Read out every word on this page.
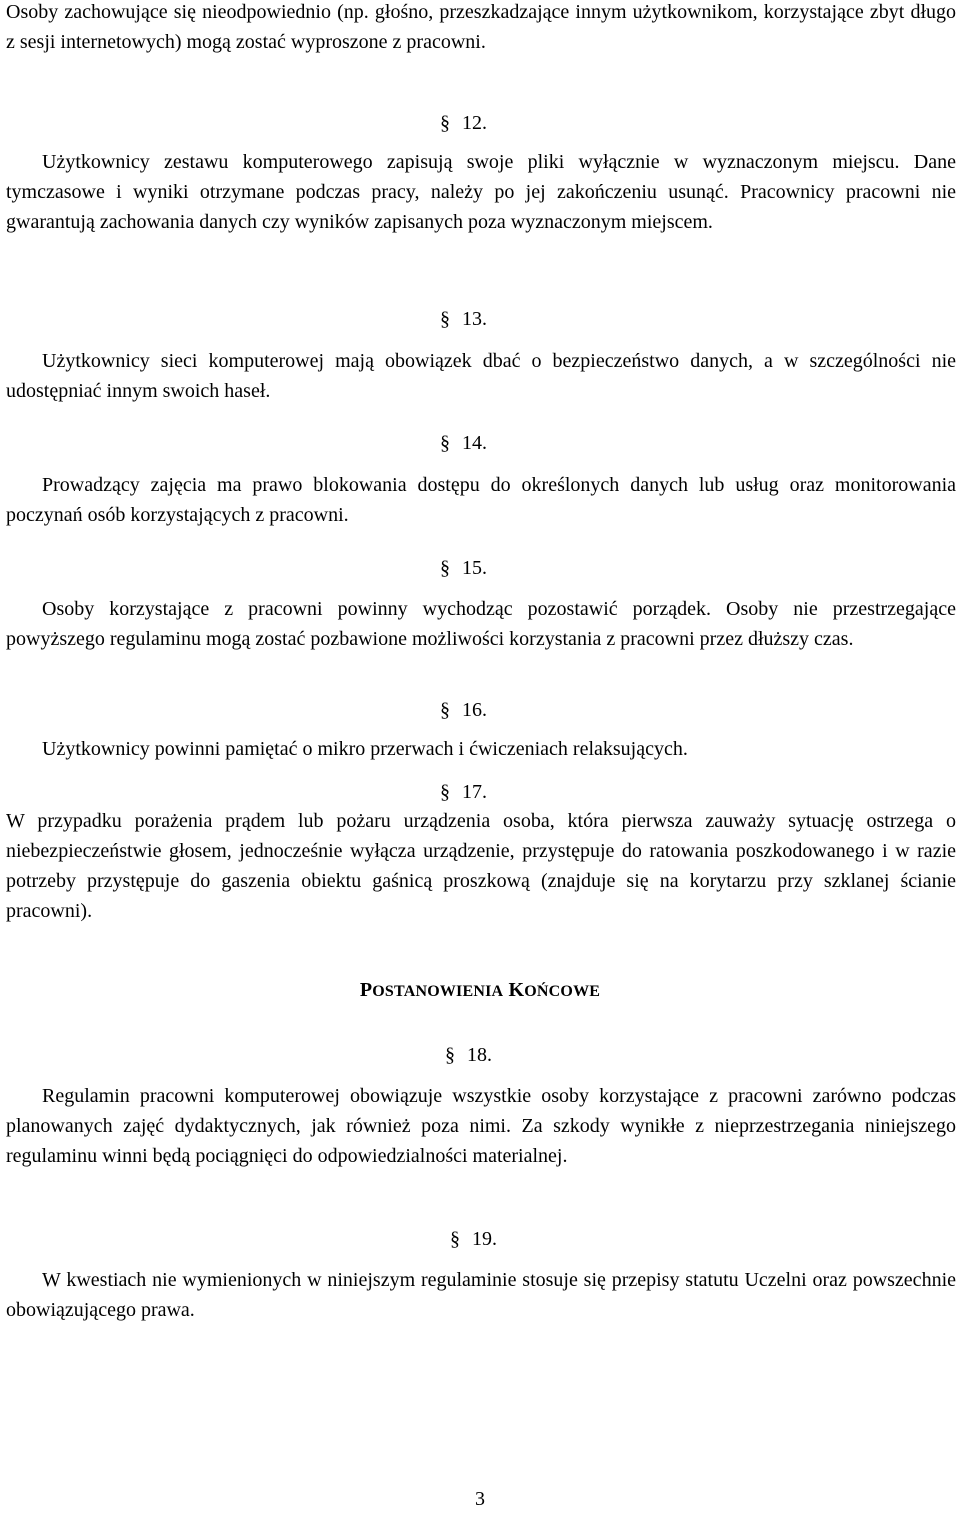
Osoby zachowujące się nieodpowiednio (np. głośno, przeszkadzające innym użytkownikom, korzystające zbyt długo z sesji internetowych) mogą zostać wyproszone z pracowni.

§ 12.

Użytkownicy zestawu komputerowego zapisują swoje pliki wyłącznie w wyznaczonym miejscu. Dane tymczasowe i wyniki otrzymane podczas pracy, należy po jej zakończeniu usunąć. Pracownicy pracowni nie gwarantują zachowania danych czy wyników zapisanych poza wyznaczonym miejscem.

§ 13.

Użytkownicy sieci komputerowej mają obowiązek dbać o bezpieczeństwo danych, a w szczególności nie udostępniać innym swoich haseł.

§ 14.

Prowadzący zajęcia ma prawo blokowania dostępu do określonych danych lub usług oraz monitorowania poczynań osób korzystających z pracowni.

§ 15.

Osoby korzystające z pracowni powinny wychodząc pozostawić porządek. Osoby nie przestrzegające powyższego regulaminu mogą zostać pozbawione możliwości korzystania z pracowni przez dłuższy czas.

§ 16.

Użytkownicy powinni pamiętać o mikro przerwach i ćwiczeniach relaksujących.

§ 17.

W przypadku porażenia prądem lub pożaru urządzenia osoba, która pierwsza zauważy sytuację ostrzega o niebezpieczeństwie głosem, jednocześnie wyłącza urządzenie, przystępuje do ratowania poszkodowanego i w razie potrzeby przystępuje do gaszenia obiektu gaśnicą proszkową (znajduje się na korytarzu przy szklanej ścianie pracowni).

POSTANOWIENIA KOŃCOWE

§ 18.

Regulamin pracowni komputerowej obowiązuje wszystkie osoby korzystające z pracowni zarówno podczas planowanych zajęć dydaktycznych, jak również poza nimi. Za szkody wynikłe z nieprzestrzegania niniejszego regulaminu winni będą pociągnięci do odpowiedzialności materialnej.

§ 19.

W kwestiach nie wymienionych w niniejszym regulaminie stosuje się przepisy statutu Uczelni oraz powszechnie obowiązującego prawa.

3
